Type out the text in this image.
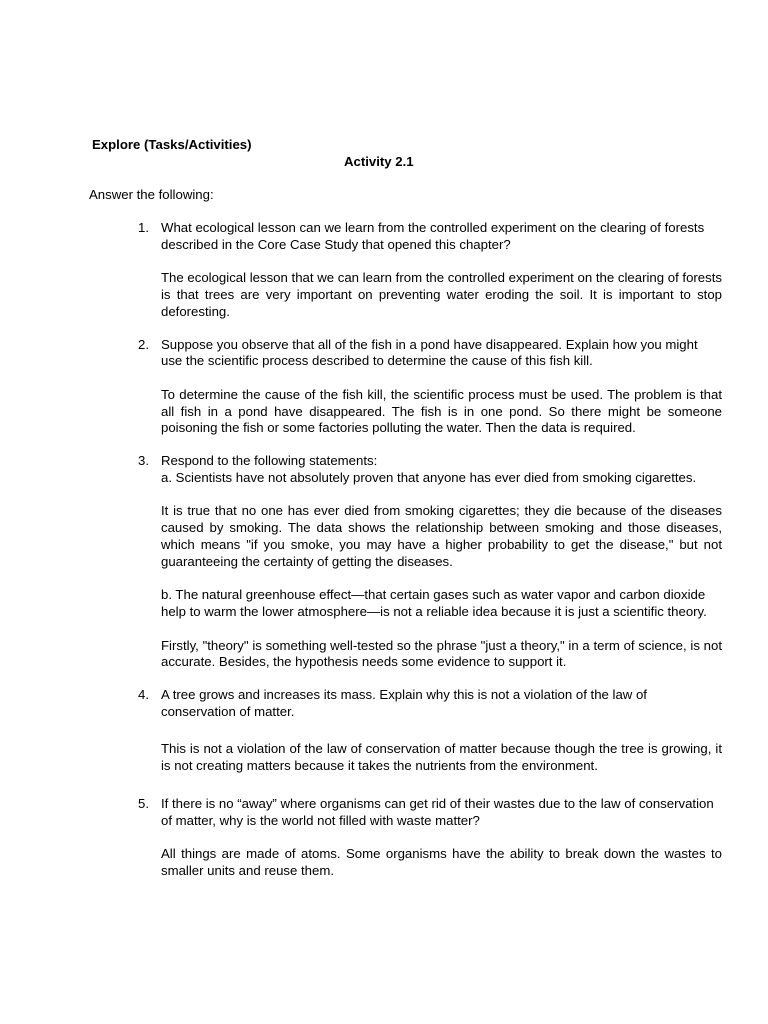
Explore (Tasks/Activities)
Activity 2.1

Answer the following:

1. What ecological lesson can we learn from the controlled experiment on the clearing of forests described in the Core Case Study that opened this chapter?

The ecological lesson that we can learn from the controlled experiment on the clearing of forests is that trees are very important on preventing water eroding the soil. It is important to stop deforesting.

2. Suppose you observe that all of the fish in a pond have disappeared. Explain how you might use the scientific process described to determine the cause of this fish kill.

To determine the cause of the fish kill, the scientific process must be used. The problem is that all fish in a pond have disappeared. The fish is in one pond. So there might be someone poisoning the fish or some factories polluting the water. Then the data is required.

3. Respond to the following statements:

a. Scientists have not absolutely proven that anyone has ever died from smoking cigarettes.

It is true that no one has ever died from smoking cigarettes; they die because of the diseases caused by smoking. The data shows the relationship between smoking and those diseases, which means "if you smoke, you may have a higher probability to get the disease," but not guaranteeing the certainty of getting the diseases.

b. The natural greenhouse effect—that certain gases such as water vapor and carbon dioxide help to warm the lower atmosphere—is not a reliable idea because it is just a scientific theory.

Firstly, "theory" is something well-tested so the phrase "just a theory," in a term of science, is not accurate. Besides, the hypothesis needs some evidence to support it.

4. A tree grows and increases its mass. Explain why this is not a violation of the law of conservation of matter.

This is not a violation of the law of conservation of matter because though the tree is growing, it is not creating matters because it takes the nutrients from the environment.

5. If there is no “away” where organisms can get rid of their wastes due to the law of conservation of matter, why is the world not filled with waste matter?

All things are made of atoms. Some organisms have the ability to break down the wastes to smaller units and reuse them.
